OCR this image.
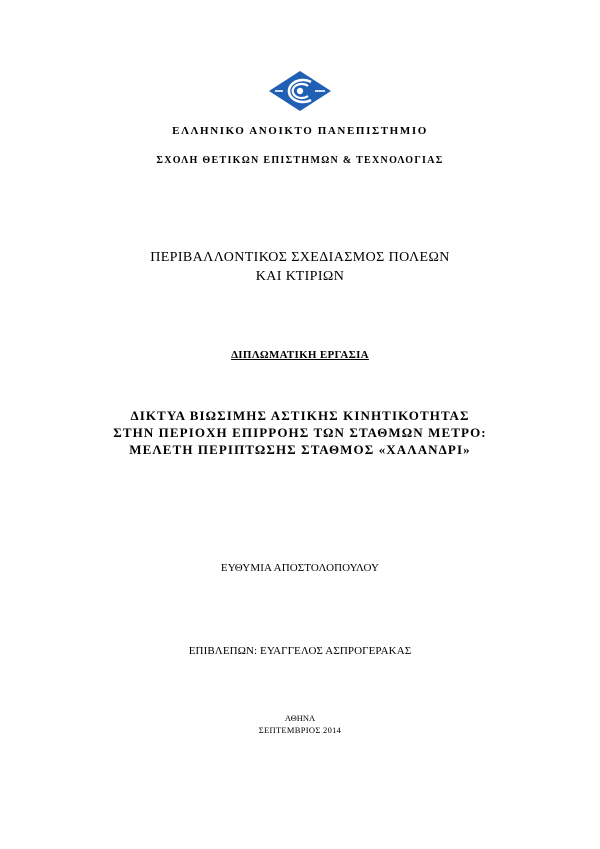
ΕΛΛΗΝΙΚΟ ΑΝΟΙΚΤΟ ΠΑΝΕΠΙΣΤΗΜΙΟ
ΣΧΟΛΗ ΘΕΤΙΚΩΝ ΕΠΙΣΤΗΜΩΝ & ΤΕΧΝΟΛΟΓΙΑΣ
ΠΕΡΙΒΑΛΛΟΝΤΙΚΟΣ ΣΧΕΔΙΑΣΜΟΣ ΠΟΛΕΩΝ
ΚΑΙ ΚΤΙΡΙΩΝ
ΔΙΠΛΩΜΑΤΙΚΗ ΕΡΓΑΣΙΑ
ΔΙΚΤΥΑ ΒΙΩΣΙΜΗΣ ΑΣΤΙΚΗΣ ΚΙΝΗΤΙΚΟΤΗΤΑΣ
ΣΤΗΝ ΠΕΡΙΟΧΗ ΕΠΙΡΡΟΗΣ ΤΩΝ ΣΤΑΘΜΩΝ ΜΕΤΡΟ:
ΜΕΛΕΤΗ ΠΕΡΙΠΤΩΣΗΣ ΣΤΑΘΜΟΣ «ΧΑΛΑΝΔΡΙ»
ΕΥΘΥΜΙΑ ΑΠΟΣΤΟΛΟΠΟΥΛΟΥ
ΕΠΙΒΛΕΠΩΝ: ΕΥΑΓΓΕΛΟΣ ΑΣΠΡΟΓΕΡΑΚΑΣ
ΑΘΗΝΑ
ΣΕΠΤΕΜΒΡΙΟΣ 2014
